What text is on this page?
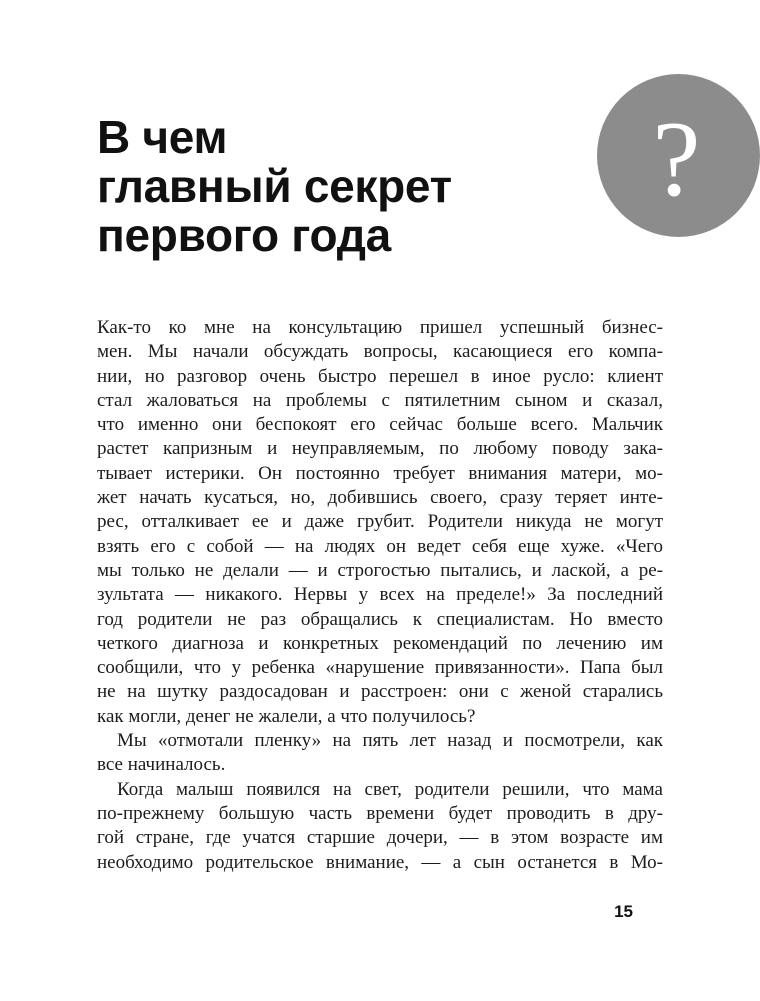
В чем
главный секрет
первого года
?

Как-то ко мне на консультацию пришел успешный бизнес-
мен. Мы начали обсуждать вопросы, касающиеся его компа-
нии, но разговор очень быстро перешел в иное русло: клиент
стал жаловаться на проблемы с пятилетним сыном и сказал,
что именно они беспокоят его сейчас больше всего. Мальчик
растет капризным и неуправляемым, по любому поводу зака-
тывает истерики. Он постоянно требует внимания матери, мо-
жет начать кусаться, но, добившись своего, сразу теряет инте-
рес, отталкивает ее и даже грубит. Родители никуда не могут
взять его с собой — на людях он ведет себя еще хуже. «Чего
мы только не делали — и строгостью пытались, и лаской, а ре-
зультата — никакого. Нервы у всех на пределе!» За последний
год родители не раз обращались к специалистам. Но вместо
четкого диагноза и конкретных рекомендаций по лечению им
сообщили, что у ребенка «нарушение привязанности». Папа был
не на шутку раздосадован и расстроен: они с женой старались
как могли, денег не жалели, а что получилось?

Мы «отмотали пленку» на пять лет назад и посмотрели, как
все начиналось.

Когда малыш появился на свет, родители решили, что мама
по-прежнему большую часть времени будет проводить в дру-
гой стране, где учатся старшие дочери, — в этом возрасте им
необходимо родительское внимание, — а сын останется в Мо-

15
